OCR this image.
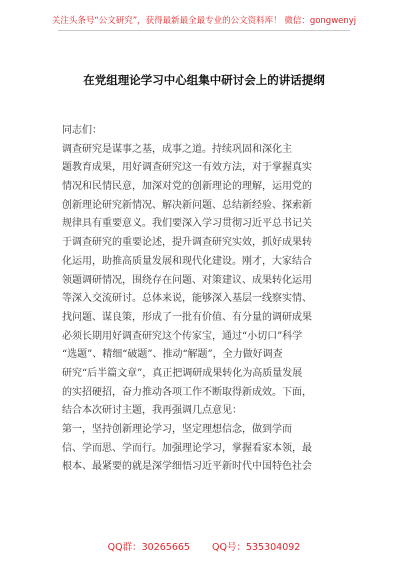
关注头条号“公文研究”，获得最新最全最专业的公文资料库！ 微信：gongwenyj
在党组理论学习中心组集中研讨会上的讲话提纲
同志们：
调查研究是谋事之基，成事之道。持续巩固和深化主
题教育成果，用好调查研究这一有效方法，对于掌握真实
情况和民情民意，加深对党的创新理论的理解，运用党的
创新理论研究新情况、解决新问题、总结新经验、探索新
规律具有重要意义。我们要深入学习贯彻习近平总书记关
于调查研究的重要论述，提升调查研究实效，抓好成果转
化运用，助推高质量发展和现代化建设。刚才，大家结合
领题调研情况，围绕存在问题、对策建议、成果转化运用
等深入交流研讨。总体来说，能够深入基层一线察实情、
找问题、谋良策，形成了一批有价值、有分量的调研成果
必须长期用好调查研究这个传家宝，通过“小切口”科学
“选题”、精细“破题”、推动“解题”，全力做好调查
研究“后半篇文章”，真正把调研成果转化为高质量发展
的实招硬招，奋力推动各项工作不断取得新成效。下面，
结合本次研讨主题，我再强调几点意见：
第一，坚持创新理论学习，坚定理想信念，做到学而
信、学而思、学而行。加强理论学习，掌握看家本领，最
根本、最紧要的就是深学细悟习近平新时代中国特色社会
QQ群：30265665 QQ号：535304092
